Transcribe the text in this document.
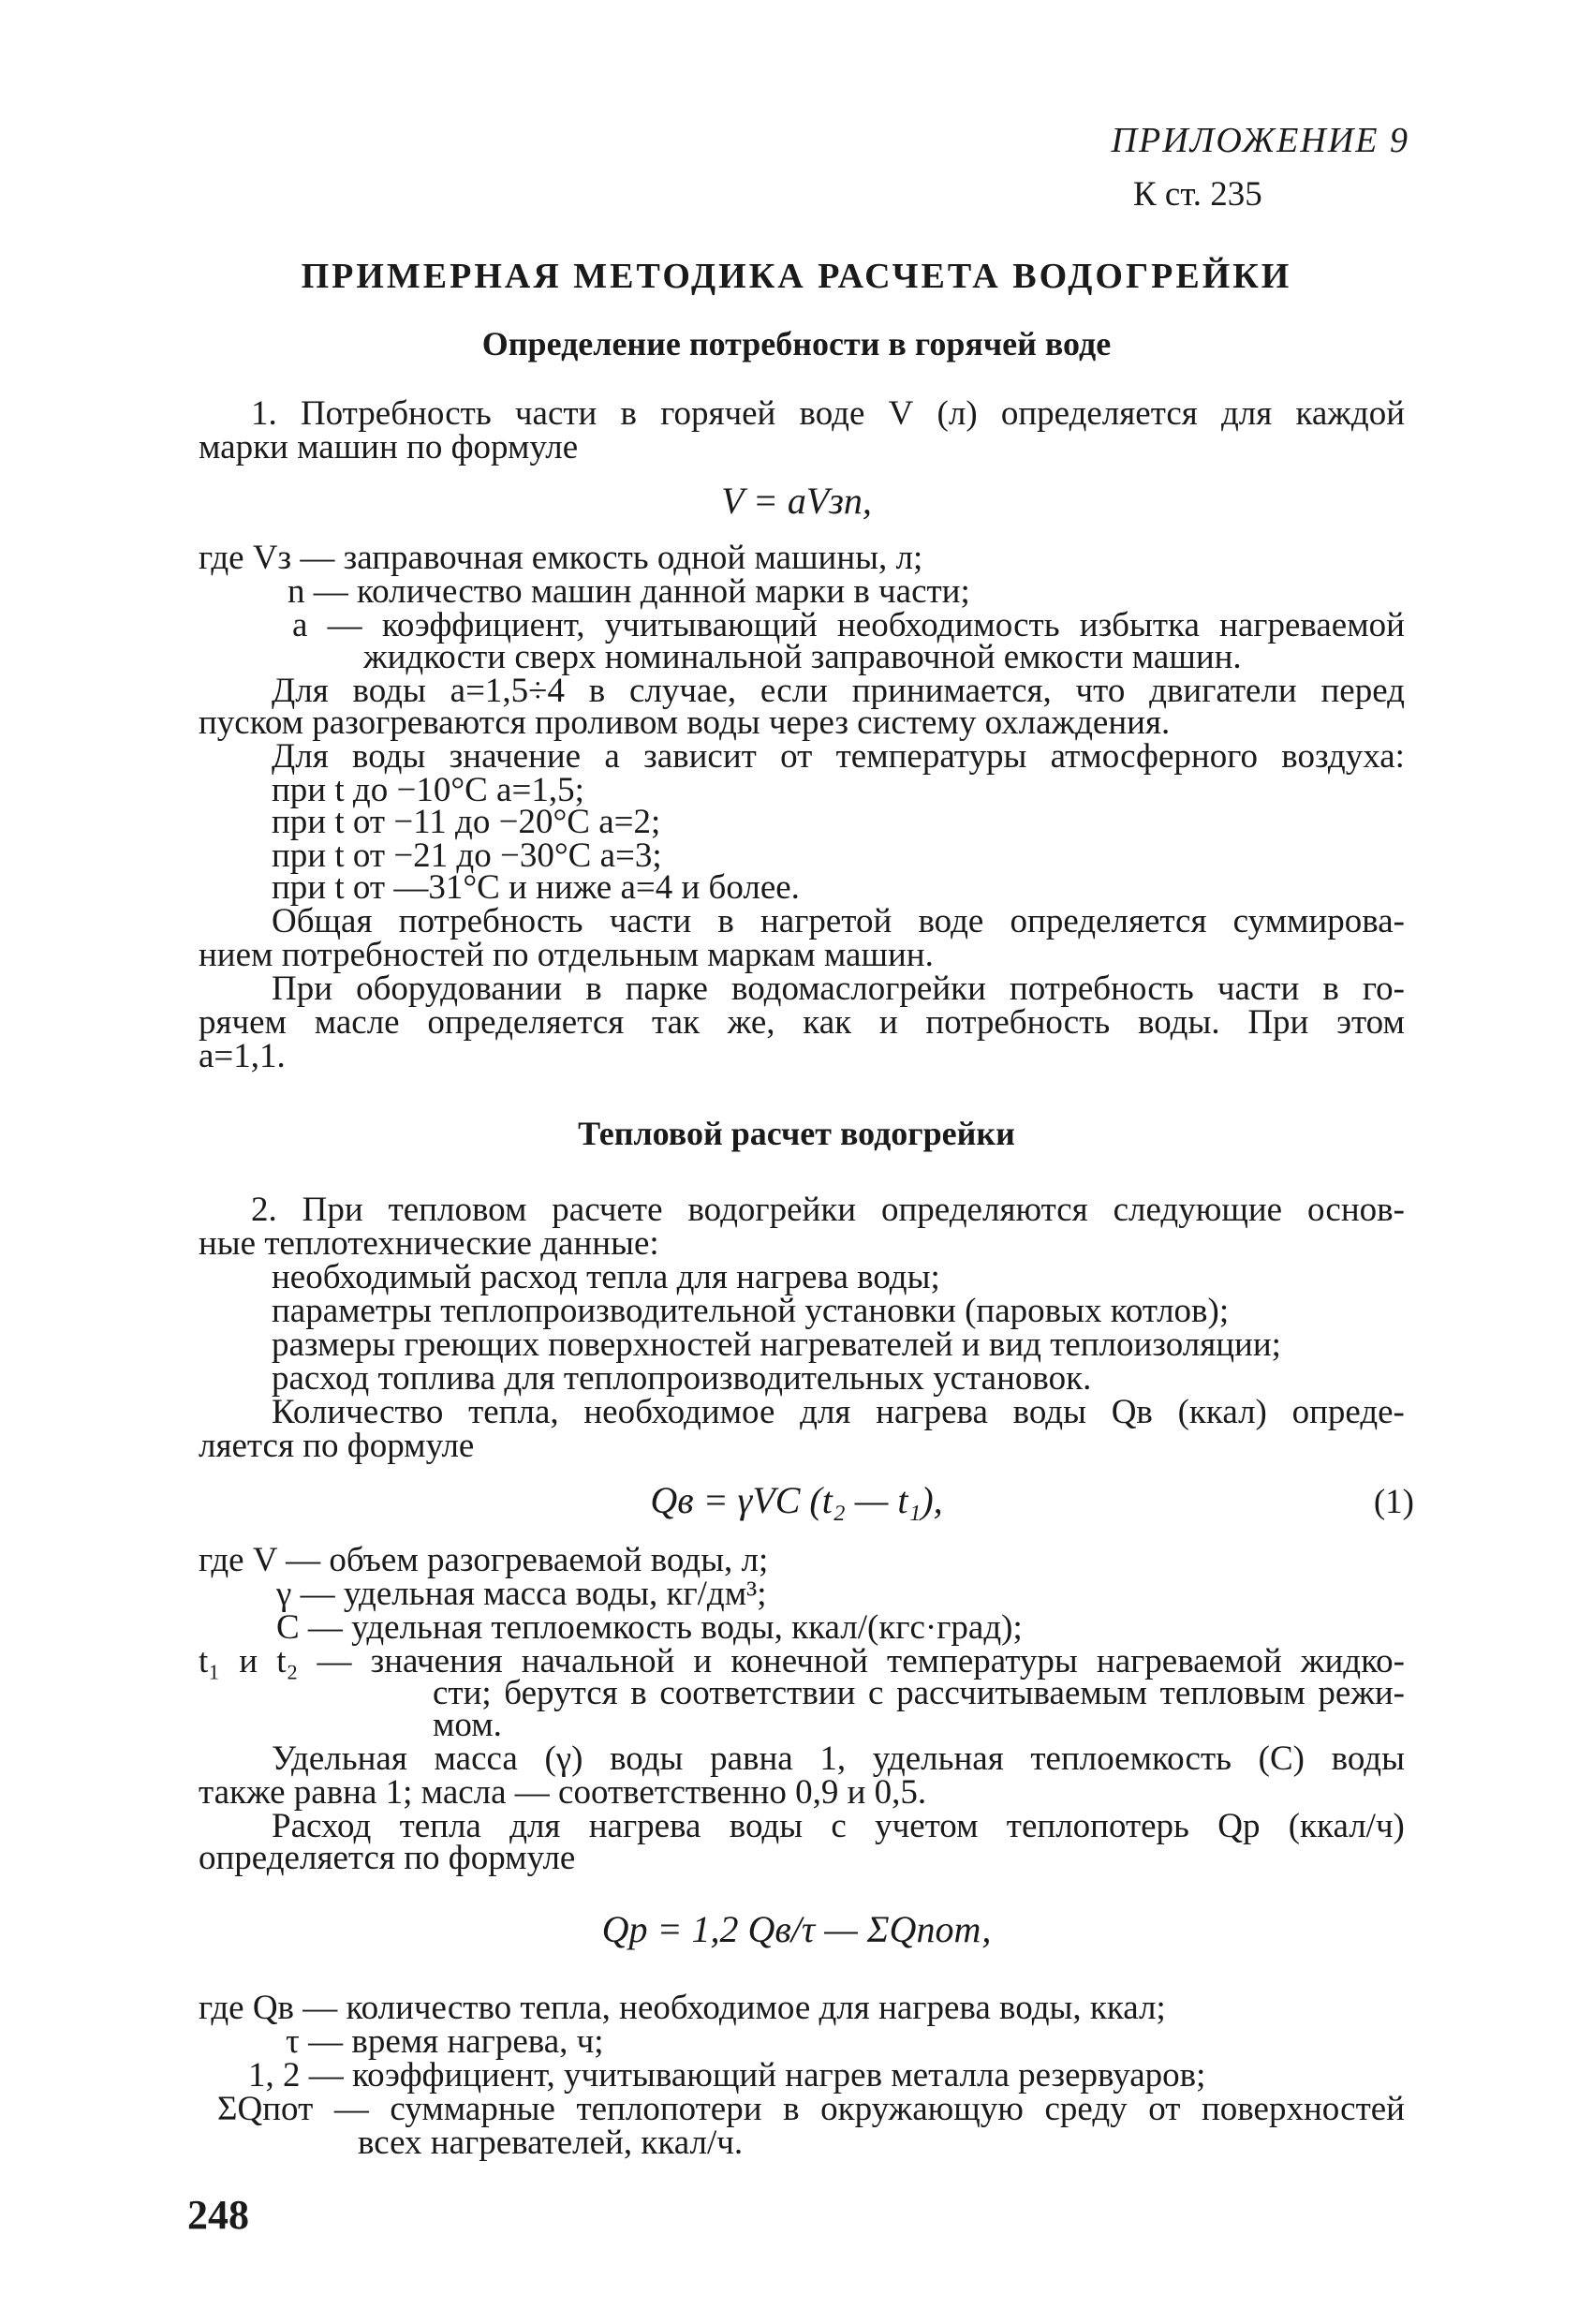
ПРИЛОЖЕНИЕ 9
К ст. 235
ПРИМЕРНАЯ МЕТОДИКА РАСЧЕТА ВОДОГРЕЙКИ
Определение потребности в горячей воде
1. Потребность части в горячей воде V (л) определяется для каждой
марки машин по формуле
V = aVзn,
где Vз — заправочная емкость одной машины, л;
n — количество машин данной марки в части;
a — коэффициент, учитывающий необходимость избытка нагреваемой
жидкости сверх номинальной заправочной емкости машин.
Для воды a=1,5÷4 в случае, если принимается, что двигатели перед
пуском разогреваются проливом воды через систему охлаждения.
Для воды значение a зависит от температуры атмосферного воздуха:
при t до −10°C a=1,5;
при t от −11 до −20°C a=2;
при t от −21 до −30°C a=3;
при t от —31°C и ниже a=4 и более.
Общая потребность части в нагретой воде определяется суммирова-
нием потребностей по отдельным маркам машин.
При оборудовании в парке водомаслогрейки потребность части в го-
рячем масле определяется так же, как и потребность воды. При этом
a=1,1.
Тепловой расчет водогрейки
2. При тепловом расчете водогрейки определяются следующие основ-
ные теплотехнические данные:
необходимый расход тепла для нагрева воды;
параметры теплопроизводительной установки (паровых котлов);
размеры греющих поверхностей нагревателей и вид теплоизоляции;
расход топлива для теплопроизводительных установок.
Количество тепла, необходимое для нагрева воды Qв (ккал) опреде-
ляется по формуле
Qв = γVC (t₂ — t₁),	(1)
где V — объем разогреваемой воды, л;
γ — удельная масса воды, кг/дм³;
C — удельная теплоемкость воды, ккал/(кгс·град);
t₁ и t₂ — значения начальной и конечной температуры нагреваемой жидко-
сти; берутся в соответствии с рассчитываемым тепловым режи-
мом.
Удельная масса (γ) воды равна 1, удельная теплоемкость (C) воды
также равна 1; масла — соответственно 0,9 и 0,5.
Расход тепла для нагрева воды с учетом теплопотерь Qр (ккал/ч)
определяется по формуле
Qр = 1,2 Qв/τ — ΣQпот,
где Qв — количество тепла, необходимое для нагрева воды, ккал;
τ — время нагрева, ч;
1, 2 — коэффициент, учитывающий нагрев металла резервуаров;
ΣQпот — суммарные теплопотери в окружающую среду от поверхностей
всех нагревателей, ккал/ч.
248
